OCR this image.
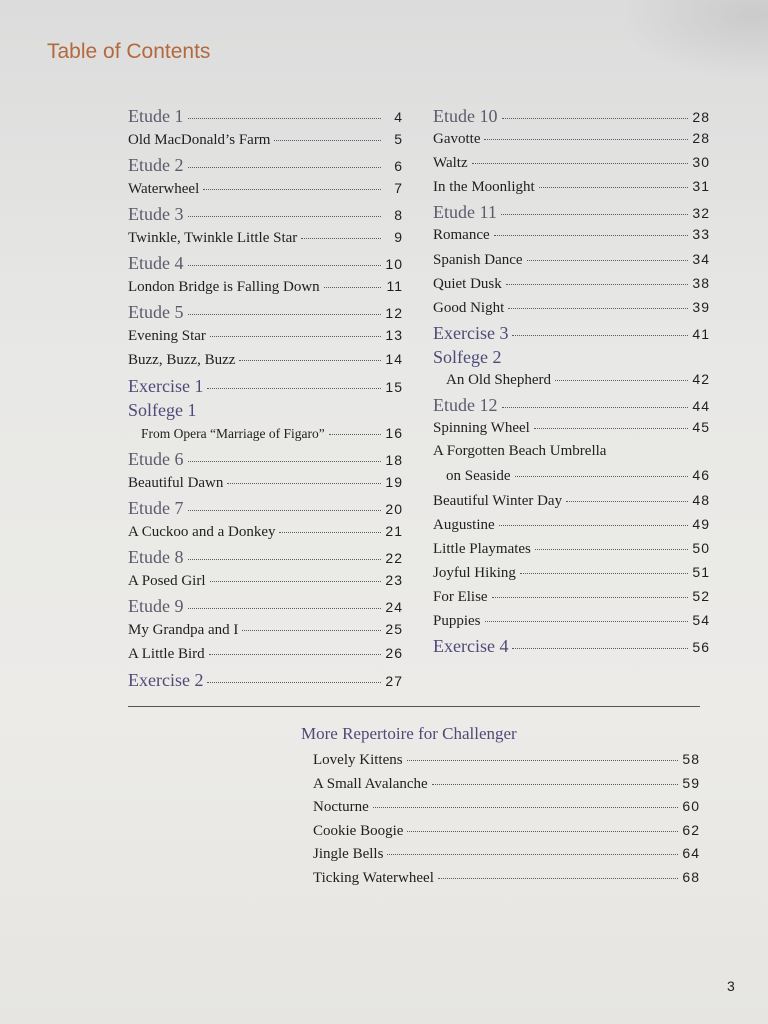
Table of Contents
Etude 1	4
Old MacDonald’s Farm	5
Etude 2	6
Waterwheel	7
Etude 3	8
Twinkle, Twinkle Little Star	9
Etude 4	10
London Bridge is Falling Down	11
Etude 5	12
Evening Star	13
Buzz, Buzz, Buzz	14
Exercise 1	15
Solfege 1
From Opera “Marriage of Figaro”	16
Etude 6	18
Beautiful Dawn	19
Etude 7	20
A Cuckoo and a Donkey	21
Etude 8	22
A Posed Girl	23
Etude 9	24
My Grandpa and I	25
A Little Bird	26
Exercise 2	27
Etude 10	28
Gavotte	28
Waltz	30
In the Moonlight	31
Etude 11	32
Romance	33
Spanish Dance	34
Quiet Dusk	38
Good Night	39
Exercise 3	41
Solfege 2
An Old Shepherd	42
Etude 12	44
Spinning Wheel	45
A Forgotten Beach Umbrella
on Seaside	46
Beautiful Winter Day	48
Augustine	49
Little Playmates	50
Joyful Hiking	51
For Elise	52
Puppies	54
Exercise 4	56
More Repertoire for Challenger
Lovely Kittens	58
A Small Avalanche	59
Nocturne	60
Cookie Boogie	62
Jingle Bells	64
Ticking Waterwheel	68
3
